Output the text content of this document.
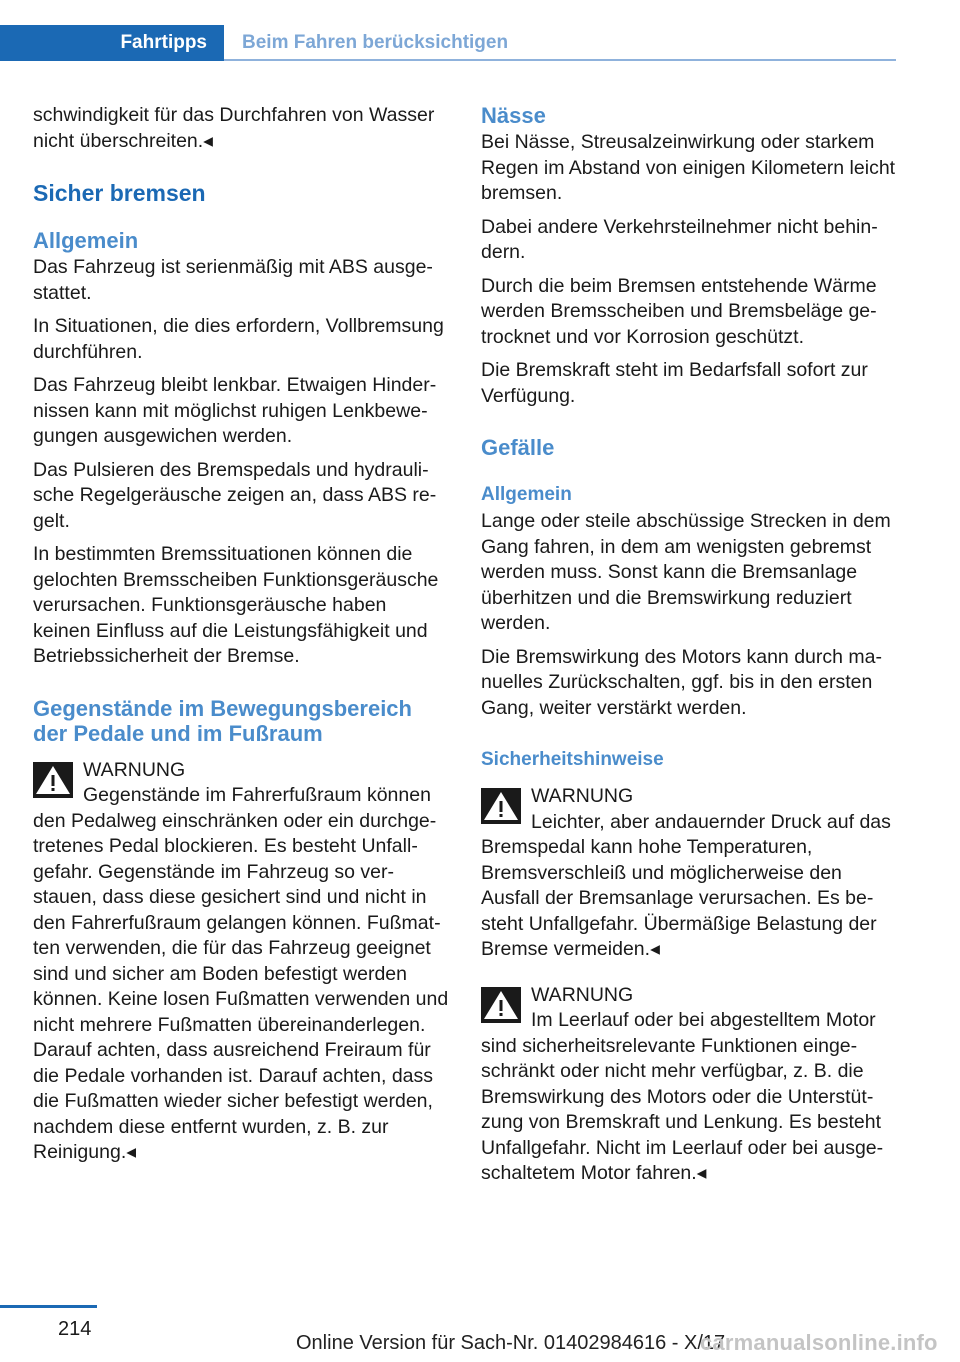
Fahrtipps	Beim Fahren berücksichtigen

schwindigkeit für das Durchfahren von Wasser nicht überschreiten.◂

Sicher bremsen
Allgemein

Das Fahrzeug ist serienmäßig mit ABS ausgestattet.

In Situationen, die dies erfordern, Vollbremsung durchführen.

Das Fahrzeug bleibt lenkbar. Etwaigen Hindernissen kann mit möglichst ruhigen Lenkbewegungen ausgewichen werden.

Das Pulsieren des Bremspedals und hydraulische Regelgeräusche zeigen an, dass ABS regelt.

In bestimmten Bremssituationen können die gelochten Bremsscheiben Funktionsgeräusche verursachen. Funktionsgeräusche haben keinen Einfluss auf die Leistungsfähigkeit und Betriebssicherheit der Bremse.

Gegenstände im Bewegungsbereich der Pedale und im Fußraum
WARNUNG
Gegenstände im Fahrerfußraum können den Pedalweg einschränken oder ein durchgetretenes Pedal blockieren. Es besteht Unfallgefahr. Gegenstände im Fahrzeug so verstauen, dass diese gesichert sind und nicht in den Fahrerfußraum gelangen können. Fußmatten verwenden, die für das Fahrzeug geeignet sind und sicher am Boden befestigt werden können. Keine losen Fußmatten verwenden und nicht mehrere Fußmatten übereinanderlegen. Darauf achten, dass ausreichend Freiraum für die Pedale vorhanden ist. Darauf achten, dass die Fußmatten wieder sicher befestigt werden, nachdem diese entfernt wurden, z. B. zur Reinigung.◂
Nässe

Bei Nässe, Streusalzeinwirkung oder starkem Regen im Abstand von einigen Kilometern leicht bremsen.

Dabei andere Verkehrsteilnehmer nicht behindern.

Durch die beim Bremsen entstehende Wärme werden Bremsscheiben und Bremsbeläge getrocknet und vor Korrosion geschützt.

Die Bremskraft steht im Bedarfsfall sofort zur Verfügung.

Gefälle
Allgemein

Lange oder steile abschüssige Strecken in dem Gang fahren, in dem am wenigsten gebremst werden muss. Sonst kann die Bremsanlage überhitzen und die Bremswirkung reduziert werden.

Die Bremswirkung des Motors kann durch manuelles Zurückschalten, ggf. bis in den ersten Gang, weiter verstärkt werden.

Sicherheitshinweise
WARNUNG
Leichter, aber andauernder Druck auf das Bremspedal kann hohe Temperaturen, Bremsverschleiß und möglicherweise den Ausfall der Bremsanlage verursachen. Es besteht Unfallgefahr. Übermäßige Belastung der Bremse vermeiden.◂
WARNUNG
Im Leerlauf oder bei abgestelltem Motor sind sicherheitsrelevante Funktionen eingeschränkt oder nicht mehr verfügbar, z. B. die Bremswirkung des Motors oder die Unterstützung von Bremskraft und Lenkung. Es besteht Unfallgefahr. Nicht im Leerlauf oder bei ausgeschaltetem Motor fahren.◂
214
Online Version für Sach-Nr. 01402984616 - X/17
carmanualsonline.info
